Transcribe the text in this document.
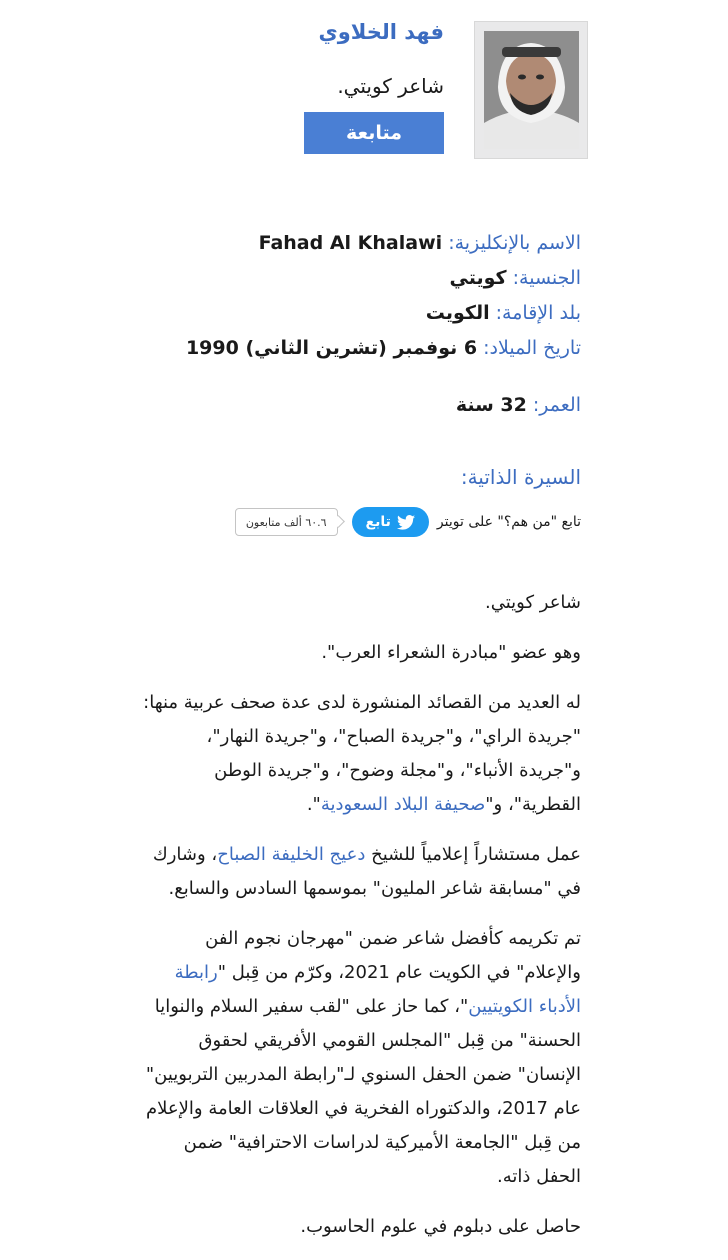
فهد الخلاوي
شاعر كويتي.
متابعة
الاسم بالإنكليزية: Fahad Al Khalawi
الجنسية: كويتي
بلد الإقامة: الكويت
تاريخ الميلاد: 6 نوفمبر (تشرين الثاني) 1990
العمر: 32 سنة
السيرة الذاتية:
تابع "من هم؟" على تويتر
تابع
٦٠.٦ ألف متابعون

شاعر كويتي.

وهو عضو "مبادرة الشعراء العرب".

له العديد من القصائد المنشورة لدى عدة صحف عربية منها: "جريدة الراي"، و"جريدة الصباح"، و"جريدة النهار"، و"جريدة الأنباء"، و"مجلة وضوح"، و"جريدة الوطن القطرية"، و"صحيفة البلاد السعودية".

عمل مستشاراً إعلامياً للشيخ دعيج الخليفة الصباح، وشارك في "مسابقة شاعر المليون" بموسمها السادس والسابع.

تم تكريمه كأفضل شاعر ضمن "مهرجان نجوم الفن والإعلام" في الكويت عام 2021، وكرّم من قِبل "رابطة الأدباء الكويتيين"، كما حاز على "لقب سفير السلام والنوايا الحسنة" من قِبل "المجلس القومي الأفريقي لحقوق الإنسان" ضمن الحفل السنوي لـ"رابطة المدربين التربويين" عام 2017، والدكتوراه الفخرية في العلاقات العامة والإعلام من قِبل "الجامعة الأميركية لدراسات الاحترافية" ضمن الحفل ذاته.

حاصل على دبلوم في علوم الحاسوب.
